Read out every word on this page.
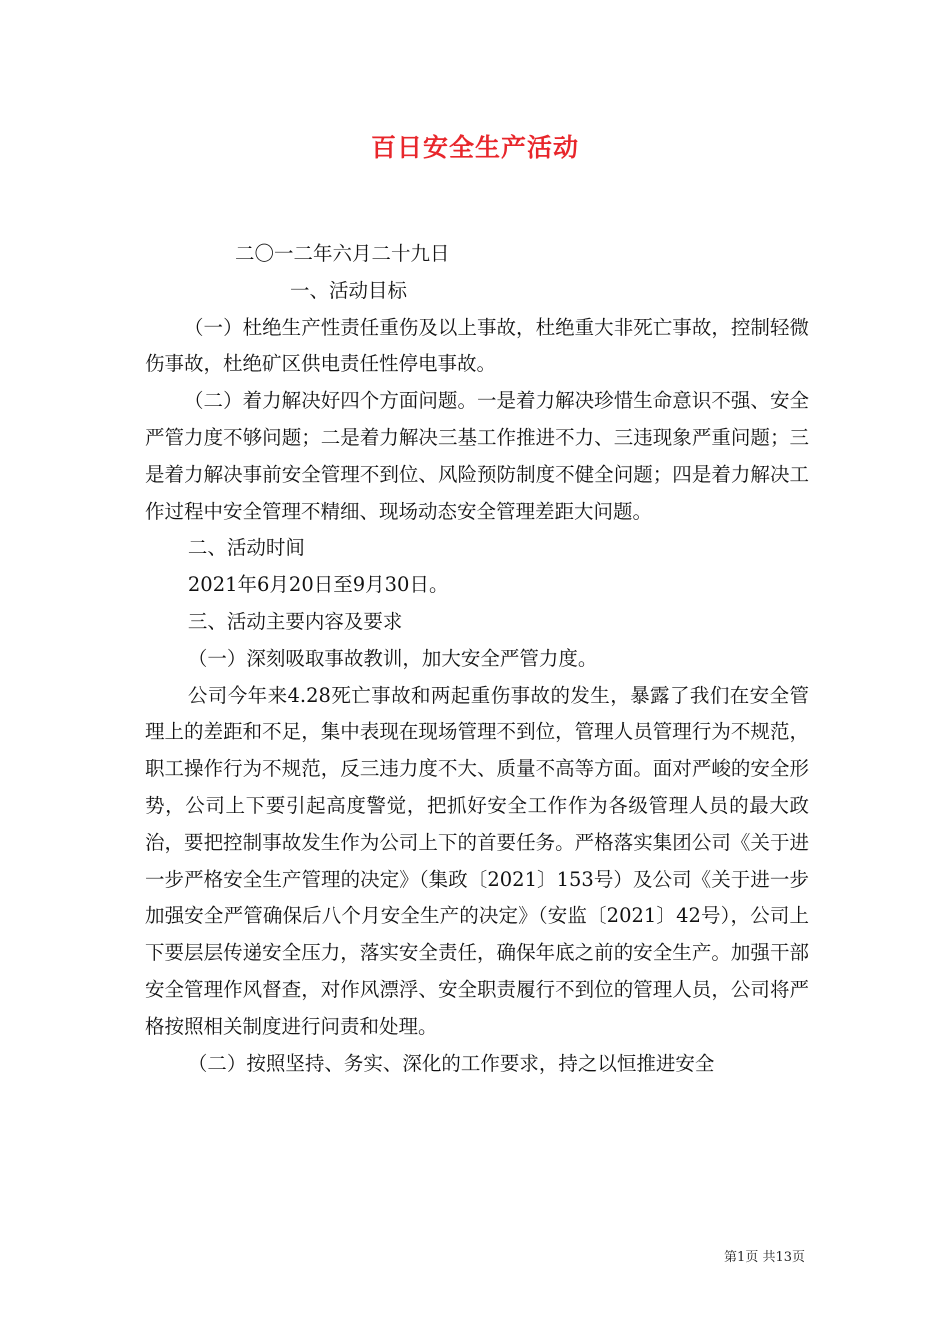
百日安全生产活动

二〇一二年六月二十九日

一、活动目标

（一）杜绝生产性责任重伤及以上事故，杜绝重大非死亡事故，控制轻微伤事故，杜绝矿区供电责任性停电事故。

（二）着力解决好四个方面问题。一是着力解决珍惜生命意识不强、安全严管力度不够问题；二是着力解决三基工作推进不力、三违现象严重问题；三是着力解决事前安全管理不到位、风险预防制度不健全问题；四是着力解决工作过程中安全管理不精细、现场动态安全管理差距大问题。

二、活动时间

2021年6月20日至9月30日。

三、活动主要内容及要求

（一）深刻吸取事故教训，加大安全严管力度。

公司今年来4.28死亡事故和两起重伤事故的发生，暴露了我们在安全管理上的差距和不足，集中表现在现场管理不到位，管理人员管理行为不规范，职工操作行为不规范，反三违力度不大、质量不高等方面。面对严峻的安全形势，公司上下要引起高度警觉，把抓好安全工作作为各级管理人员的最大政治，要把控制事故发生作为公司上下的首要任务。严格落实集团公司《关于进一步严格安全生产管理的决定》（集政〔2021〕153号）及公司《关于进一步加强安全严管确保后八个月安全生产的决定》（安监〔2021〕42号），公司上下要层层传递安全压力，落实安全责任，确保年底之前的安全生产。加强干部安全管理作风督查，对作风漂浮、安全职责履行不到位的管理人员，公司将严格按照相关制度进行问责和处理。

（二）按照坚持、务实、深化的工作要求，持之以恒推进安全

第1页 共13页
